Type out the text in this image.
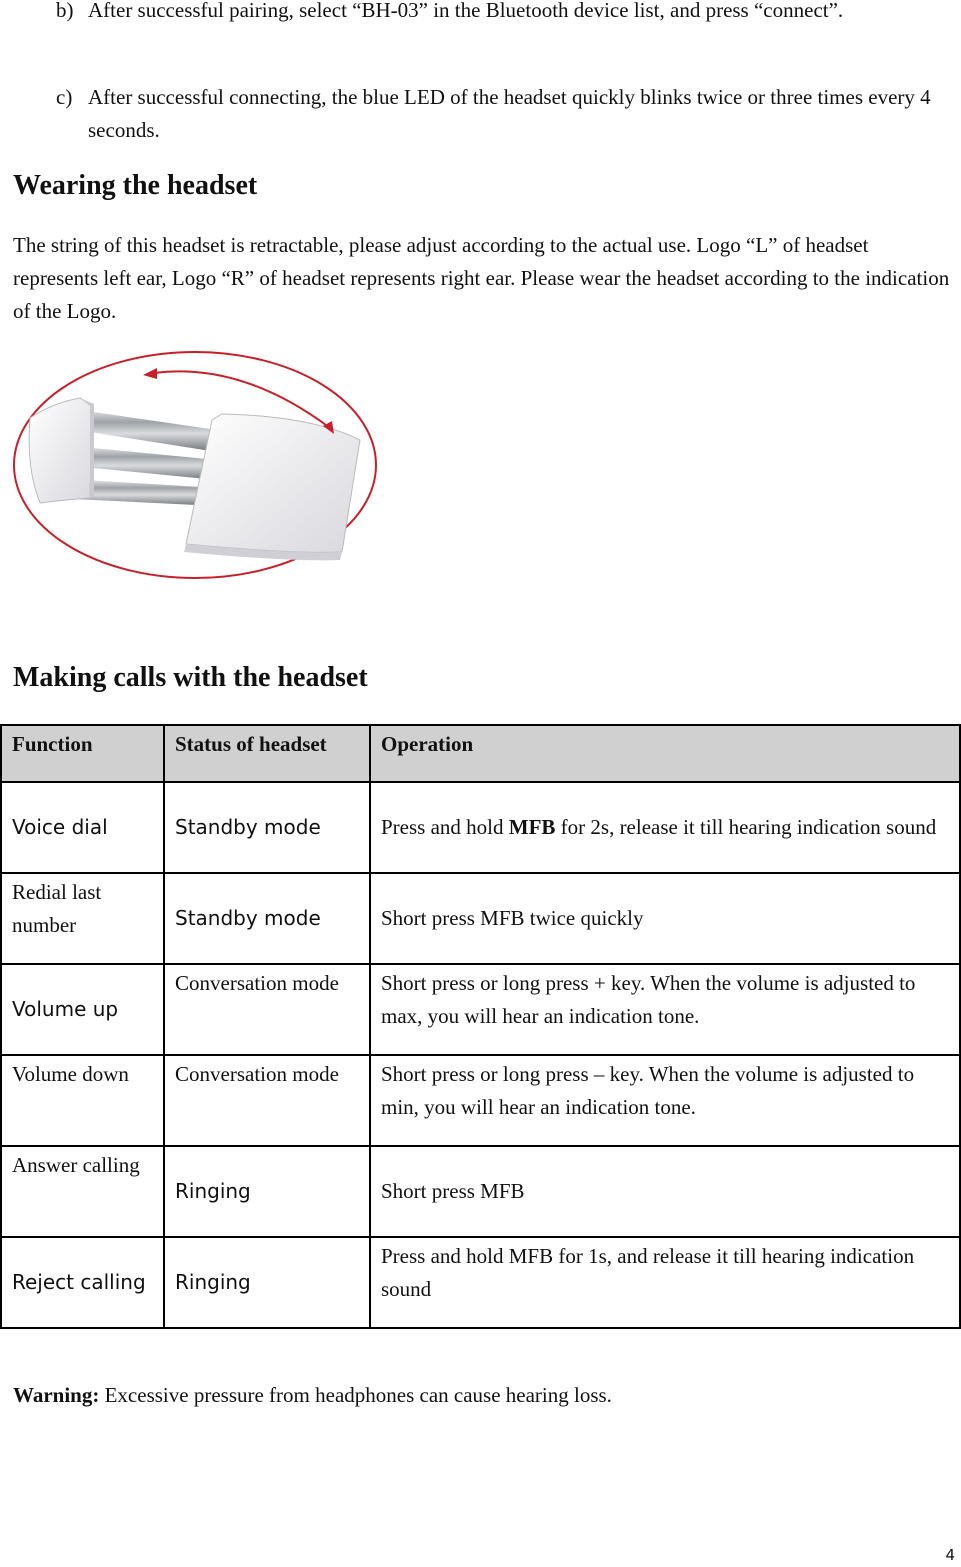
b) After successful pairing, select “BH-03” in the Bluetooth device list, and press “connect”.
c) After successful connecting, the blue LED of the headset quickly blinks twice or three times every 4 seconds.
Wearing the headset
The string of this headset is retractable, please adjust according to the actual use. Logo “L” of headset represents left ear, Logo “R” of headset represents right ear. Please wear the headset according to the indication of the Logo.
Making calls with the headset
Function	Status of headset	Operation
Voice dial	Standby mode	Press and hold MFB for 2s, release it till hearing indication sound
Redial last number	Standby mode	Short press MFB twice quickly
Volume up	Conversation mode	Short press or long press + key. When the volume is adjusted to max, you will hear an indication tone.
Volume down	Conversation mode	Short press or long press – key. When the volume is adjusted to min, you will hear an indication tone.
Answer calling	Ringing	Short press MFB
Reject calling	Ringing	Press and hold MFB for 1s, and release it till hearing indication sound
Warning: Excessive pressure from headphones can cause hearing loss.
4
